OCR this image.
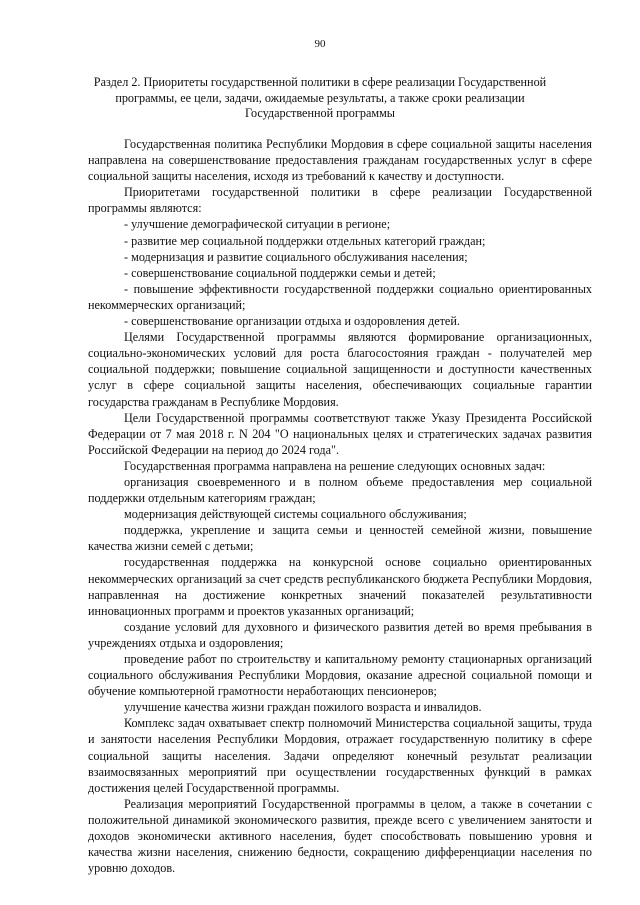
90
Раздел 2. Приоритеты государственной политики в сфере реализации Государственной программы, ее цели, задачи, ожидаемые результаты, а также сроки реализации Государственной программы

Государственная политика Республики Мордовия в сфере социальной защиты населения направлена на совершенствование предоставления гражданам государственных услуг в сфере социальной защиты населения, исходя из требований к качеству и доступности.

Приоритетами государственной политики в сфере реализации Государственной программы являются:

- улучшение демографической ситуации в регионе;

- развитие мер социальной поддержки отдельных категорий граждан;

- модернизация и развитие социального обслуживания населения;

- совершенствование социальной поддержки семьи и детей;

- повышение эффективности государственной поддержки социально ориентированных некоммерческих организаций;

- совершенствование организации отдыха и оздоровления детей.

Целями Государственной программы являются формирование организационных, социально-экономических условий для роста благосостояния граждан - получателей мер социальной поддержки; повышение социальной защищенности и доступности качественных услуг в сфере социальной защиты населения, обеспечивающих социальные гарантии государства гражданам в Республике Мордовия.

Цели Государственной программы соответствуют также Указу Президента Российской Федерации от 7 мая 2018 г. N 204 "О национальных целях и стратегических задачах развития Российской Федерации на период до 2024 года".

Государственная программа направлена на решение следующих основных задач:

организация своевременного и в полном объеме предоставления мер социальной поддержки отдельным категориям граждан;

модернизация действующей системы социального обслуживания;

поддержка, укрепление и защита семьи и ценностей семейной жизни, повышение качества жизни семей с детьми;

государственная поддержка на конкурсной основе социально ориентированных некоммерческих организаций за счет средств республиканского бюджета Республики Мордовия, направленная на достижение конкретных значений показателей результативности инновационных программ и проектов указанных организаций;

создание условий для духовного и физического развития детей во время пребывания в учреждениях отдыха и оздоровления;

проведение работ по строительству и капитальному ремонту стационарных организаций социального обслуживания Республики Мордовия, оказание адресной социальной помощи и обучение компьютерной грамотности неработающих пенсионеров;

улучшение качества жизни граждан пожилого возраста и инвалидов.

Комплекс задач охватывает спектр полномочий Министерства социальной защиты, труда и занятости населения Республики Мордовия, отражает государственную политику в сфере социальной защиты населения. Задачи определяют конечный результат реализации взаимосвязанных мероприятий при осуществлении государственных функций в рамках достижения целей Государственной программы.

Реализация мероприятий Государственной программы в целом, а также в сочетании с положительной динамикой экономического развития, прежде всего с увеличением занятости и доходов экономически активного населения, будет способствовать повышению уровня и качества жизни населения, снижению бедности, сокращению дифференциации населения по уровню доходов.
